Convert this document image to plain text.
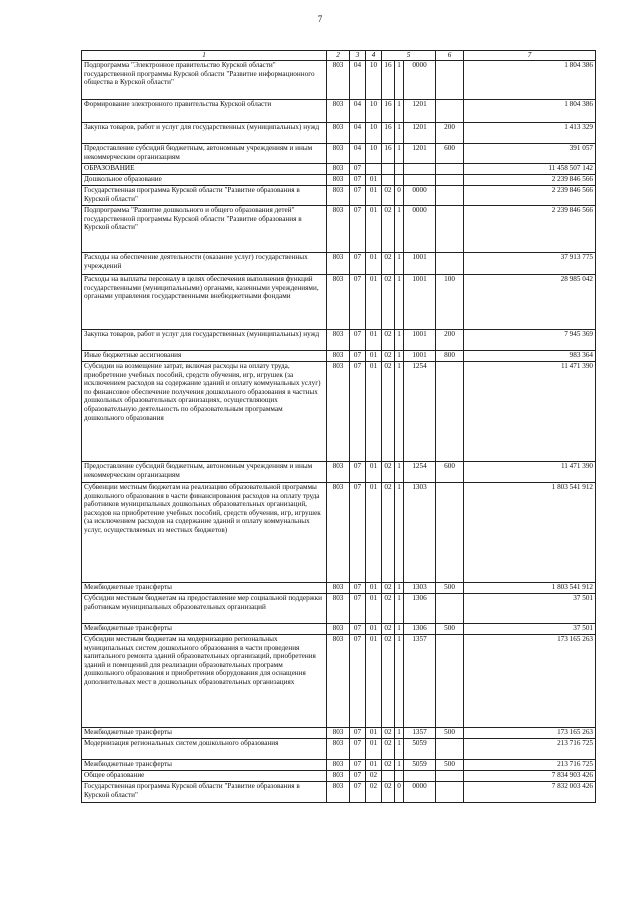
7
1	2	3	4	5			6	7
Подпрограмма "Электронное правительство Курской области" государственной программы Курской области "Развитие информационного общества в Курской области"	803	04	10	16	1	0000		1 804 386
Формирование электронного правительства Курской области	803	04	10	16	1	1201		1 804 386
Закупка товаров, работ и услуг для государственных (муниципальных) нужд	803	04	10	16	1	1201	200	1 413 329
Предоставление субсидий бюджетным, автономным учреждениям и иным некоммерческим организациям	803	04	10	16	1	1201	600	391 057
ОБРАЗОВАНИЕ	803	07						11 458 507 142
Дошкольное образование	803	07	01					2 239 846 566
Государственная программа Курской области "Развитие образования в Курской области"	803	07	01	02	0	0000		2 239 846 566
Подпрограмма "Развитие дошкольного и общего образования детей" государственной программы Курской области "Развитие образования в Курской области"	803	07	01	02	1	0000		2 239 846 566
Расходы на обеспечение деятельности (оказание услуг) государственных учреждений	803	07	01	02	1	1001		37 913 775
Расходы на выплаты персоналу в целях обеспечения выполнения функций государственными (муниципальными) органами, казенными учреждениями, органами управления государственными внебюджетными фондами	803	07	01	02	1	1001	100	28 985 042
Закупка товаров, работ и услуг для государственных (муниципальных) нужд	803	07	01	02	1	1001	200	7 945 369
Иные бюджетные ассигнования	803	07	01	02	1	1001	800	983 364
Субсидии на возмещение затрат, включая расходы на оплату труда, приобретение учебных пособий, средств обучения, игр, игрушек (за исключением расходов на содержание зданий и оплату коммунальных услуг) по финансовое обеспечение получения дошкольного образования в частных дошкольных образовательных организациях, осуществляющих образовательную деятельность по образовательным программам дошкольного образования	803	07	01	02	1	1254		11 471 390
Предоставление субсидий бюджетным, автономным учреждениям и иным некоммерческим организациям	803	07	01	02	1	1254	600	11 471 390
Субвенции местным бюджетам на реализацию образовательной программы дошкольного образования в части финансирования расходов на оплату труда работников муниципальных дошкольных образовательных организаций, расходов на приобретение учебных пособий, средств обучения, игр, игрушек (за исключением расходов на содержание зданий и оплату коммунальных услуг, осуществляемых из местных бюджетов)	803	07	01	02	1	1303		1 803 541 912
Межбюджетные трансферты	803	07	01	02	1	1303	500	1 803 541 912
Субсидии местным бюджетам на предоставление мер социальной поддержки работникам муниципальных образовательных организаций	803	07	01	02	1	1306		37 501
Межбюджетные трансферты	803	07	01	02	1	1306	500	37 501
Субсидии местным бюджетам на модернизацию региональных муниципальных систем дошкольного образования в части проведения капитального ремонта зданий образовательных организаций, приобретения зданий и помещений для реализации образовательных программ дошкольного образования и приобретения оборудования для оснащения дополнительных мест в дошкольных образовательных организациях	803	07	01	02	1	1357		173 165 263
Межбюджетные трансферты	803	07	01	02	1	1357	500	173 165 263
Модернизация региональных систем дошкольного образования	803	07	01	02	1	5059		213 716 725
Межбюджетные трансферты	803	07	01	02	1	5059	500	213 716 725
Общее образование	803	07	02					7 834 903 426
Государственная программа Курской области "Развитие образования в Курской области"	803	07	02	02	0	0000		7 832 003 426
